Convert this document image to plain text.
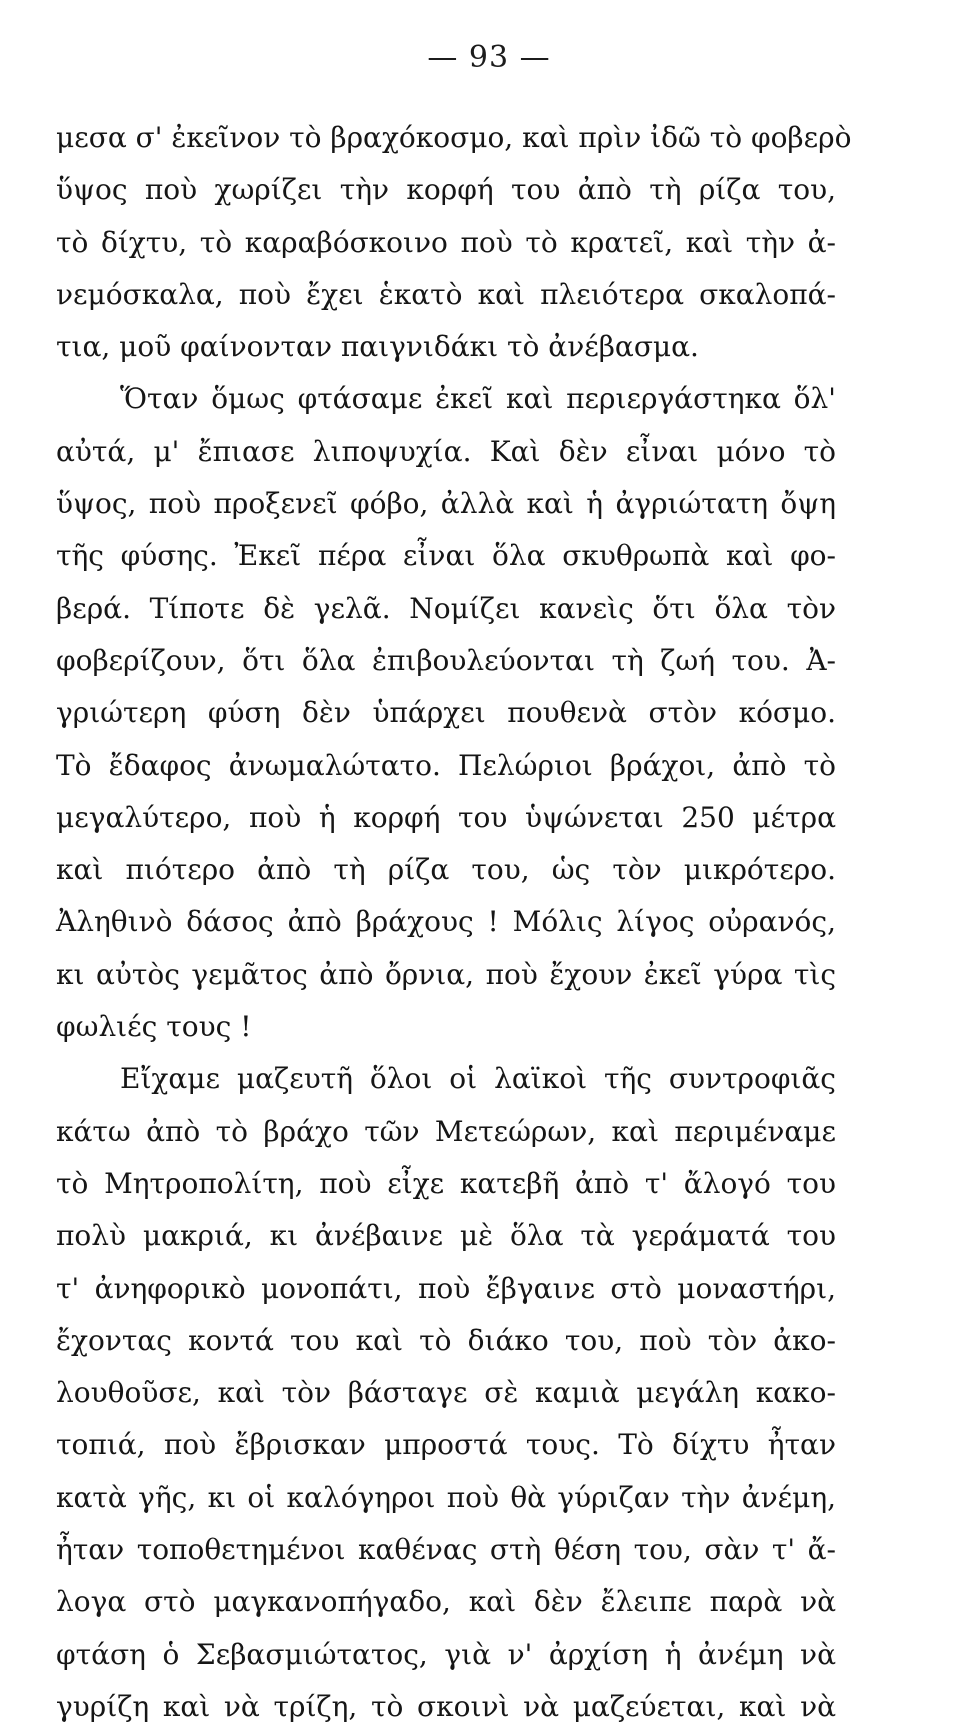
— 93 —
μεσα σ' ἐκεῖνον τὸ βραχόκοσμο, καὶ πρὶν ἰδῶ τὸ φοβερὸ
ὕψος ποὺ χωρίζει τὴν κορφή του ἀπὸ τὴ ρίζα του,
τὸ δίχτυ, τὸ καραβόσκοινο ποὺ τὸ κρατεῖ, καὶ τὴν ἀ-
νεμόσκαλα, ποὺ ἔχει ἑκατὸ καὶ πλειότερα σκαλοπά-
τια, μοῦ φαίνονταν παιγνιδάκι τὸ ἀνέβασμα.
Ὅταν ὅμως φτάσαμε ἐκεῖ καὶ περιεργάστηκα ὅλ'
αὐτά, μ' ἔπιασε λιποψυχία. Καὶ δὲν εἶναι μόνο τὸ
ὕψος, ποὺ προξενεῖ φόβο, ἀλλὰ καὶ ἡ ἀγριώτατη ὄψη
τῆς φύσης. Ἐκεῖ πέρα εἶναι ὅλα σκυθρωπὰ καὶ φο-
βερά. Τίποτε δὲ γελᾶ. Νομίζει κανεὶς ὅτι ὅλα τὸν
φοβερίζουν, ὅτι ὅλα ἐπιβουλεύονται τὴ ζωή του. Ἀ-
γριώτερη φύση δὲν ὑπάρχει πουθενὰ στὸν κόσμο.
Τὸ ἔδαφος ἀνωμαλώτατο. Πελώριοι βράχοι, ἀπὸ τὸ
μεγαλύτερο, ποὺ ἡ κορφή του ὑψώνεται 250 μέτρα
καὶ πιότερο ἀπὸ τὴ ρίζα του, ὡς τὸν μικρότερο.
Ἀληθινὸ δάσος ἀπὸ βράχους ! Μόλις λίγος οὐρανός,
κι αὐτὸς γεμᾶτος ἀπὸ ὄρνια, ποὺ ἔχουν ἐκεῖ γύρα τὶς
φωλιές τους !
Εἴχαμε μαζευτῆ ὅλοι οἱ λαϊκοὶ τῆς συντροφιᾶς
κάτω ἀπὸ τὸ βράχο τῶν Μετεώρων, καὶ περιμέναμε
τὸ Μητροπολίτη, ποὺ εἶχε κατεβῆ ἀπὸ τ' ἄλογό του
πολὺ μακριά, κι ἀνέβαινε μὲ ὅλα τὰ γεράματά του
τ' ἀνηφορικὸ μονοπάτι, ποὺ ἔβγαινε στὸ μοναστήρι,
ἔχοντας κοντά του καὶ τὸ διάκο του, ποὺ τὸν ἀκο-
λουθοῦσε, καὶ τὸν βάσταγε σὲ καμιὰ μεγάλη κακο-
τοπιά, ποὺ ἔβρισκαν μπροστά τους. Τὸ δίχτυ ἦταν
κατὰ γῆς, κι οἱ καλόγηροι ποὺ θὰ γύριζαν τὴν ἀνέμη,
ἦταν τοποθετημένοι καθένας στὴ θέση του, σὰν τ' ἄ-
λογα στὸ μαγκανοπήγαδο, καὶ δὲν ἔλειπε παρὰ νὰ
φτάση ὁ Σεβασμιώτατος, γιὰ ν' ἀρχίση ἡ ἀνέμη νὰ
γυρίζη καὶ νὰ τρίζη, τὸ σκοινὶ νὰ μαζεύεται, καὶ νὰ
